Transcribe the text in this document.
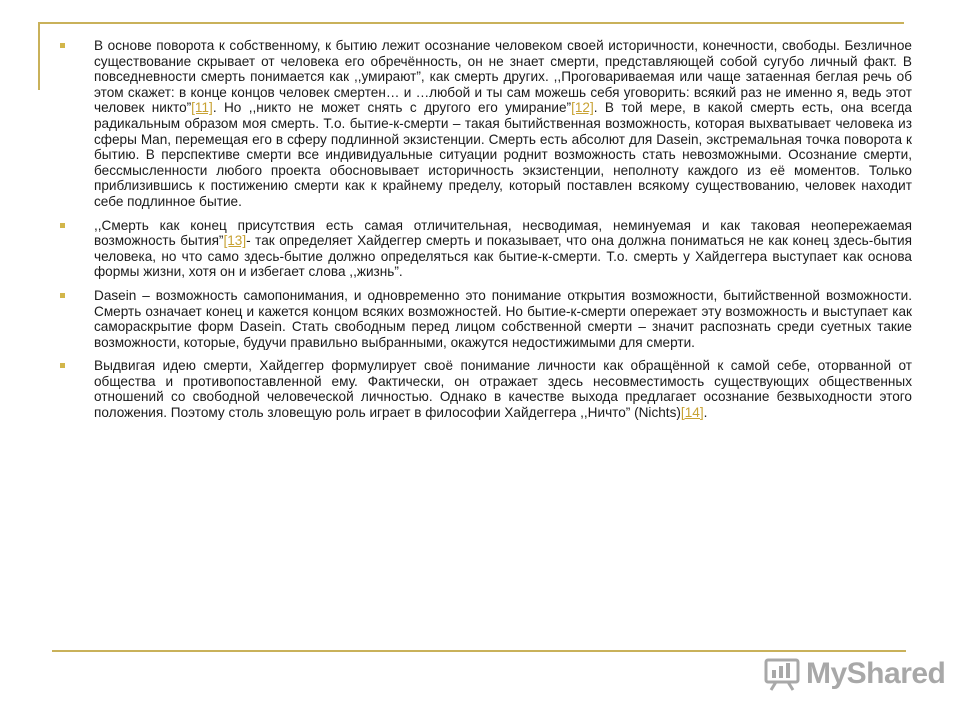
В основе поворота к собственному, к бытию лежит осознание человеком своей историчности, конечности, свободы. Безличное существование скрывает от человека его обречённость, он не знает смерти, представляющей собой сугубо личный факт. В повседневности смерть понимается как ,,умирают”, как смерть других. ,,Проговариваемая или чаще затаенная беглая речь об этом скажет: в конце концов человек смертен… и …любой и ты сам можешь себя уговорить: всякий раз не именно я, ведь этот человек никто”[11]. Но ,,никто не может снять с другого его умирание”[12]. В той мере, в какой смерть есть, она всегда радикальным образом моя смерть. Т.о. бытие-к-смерти – такая бытийственная возможность, которая выхватывает человека из сферы Man, перемещая его в сферу подлинной экзистенции. Смерть есть абсолют для Dasein, экстремальная точка поворота к бытию. В перспективе смерти все индивидуальные ситуации роднит возможность стать невозможными. Осознание смерти, бессмысленности любого проекта обосновывает историчность экзистенции, неполноту каждого из её моментов. Только приблизившись к постижению смерти как к крайнему пределу, который поставлен всякому существованию, человек находит себе подлинное бытие.
,,Смерть как конец присутствия есть самая отличительная, несводимая, неминуемая и как таковая неопережаемая возможность бытия”[13]- так определяет Хайдеггер смерть и показывает, что она должна пониматься не как конец здесь-бытия человека, но что само здесь-бытие должно определяться как бытие-к-смерти. Т.о. смерть у Хайдеггера выступает как основа формы жизни, хотя он и избегает слова ,,жизнь”.
Dasein – возможность самопонимания, и одновременно это понимание открытия возможности, бытийственной возможности. Смерть означает конец и кажется концом всяких возможностей. Но бытие-к-смерти опережает эту возможность и выступает как самораскрытие форм Dasein. Стать свободным перед лицом собственной смерти – значит распознать среди суетных такие возможности, которые, будучи правильно выбранными, окажутся недостижимыми для смерти.
Выдвигая идею смерти, Хайдеггер формулирует своё понимание личности как обращённой к самой себе, оторванной от общества и противопоставленной ему. Фактически, он отражает здесь несовместимость существующих общественных отношений со свободной человеческой личностью. Однако в качестве выхода предлагает осознание безвыходности этого положения. Поэтому столь зловещую роль играет в философии Хайдеггера ,,Ничто” (Nichts)[14].
MyShared
